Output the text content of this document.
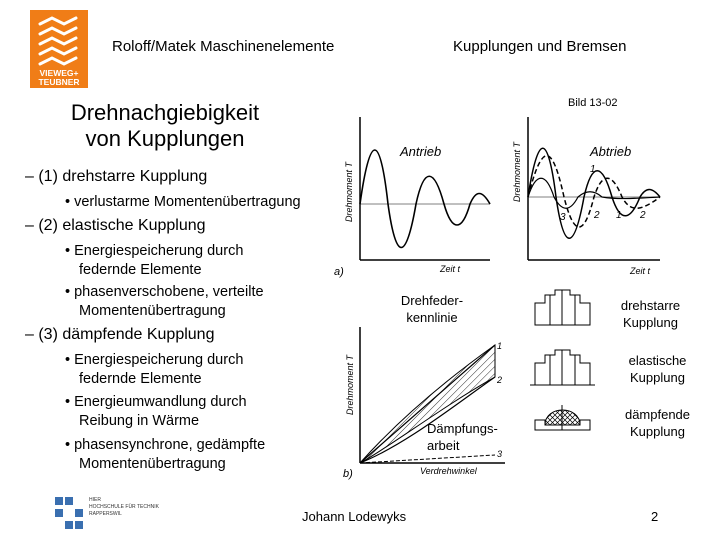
VIEWEG+
TEUBNER
Roloff/Matek Maschinenelemente	Kupplungen und Bremsen
Drehnachgiebigkeit
von Kupplungen
Bild 13-02
– (1) drehstarre Kupplung
• verlustarme Momentenübertragung
– (2) elastische Kupplung
• Energiespeicherung durch
federnde Elemente
• phasenverschobene, verteilte
Momentenübertragung
– (3) dämpfende Kupplung
• Energiespeicherung durch
federnde Elemente
• Energieumwandlung durch
Reibung in Wärme
• phasensynchrone, gedämpfte
Momentenübertragung
Drehmoment T
Zeit t
Antrieb
a)
Drehmoment T
Zeit t
Abtrieb
3	2 1 2
1
Drehmoment T
Verdrehwinkel
b)
1
2
3
Drehfeder-
kennlinie
Dämpfungs-
arbeit
drehstarre
Kupplung
elastische
Kupplung
dämpfende
Kupplung
HIER
HOCHSCHULE FÜR TECHNIK
RAPPERSWIL	Johann Lodewyks	2
